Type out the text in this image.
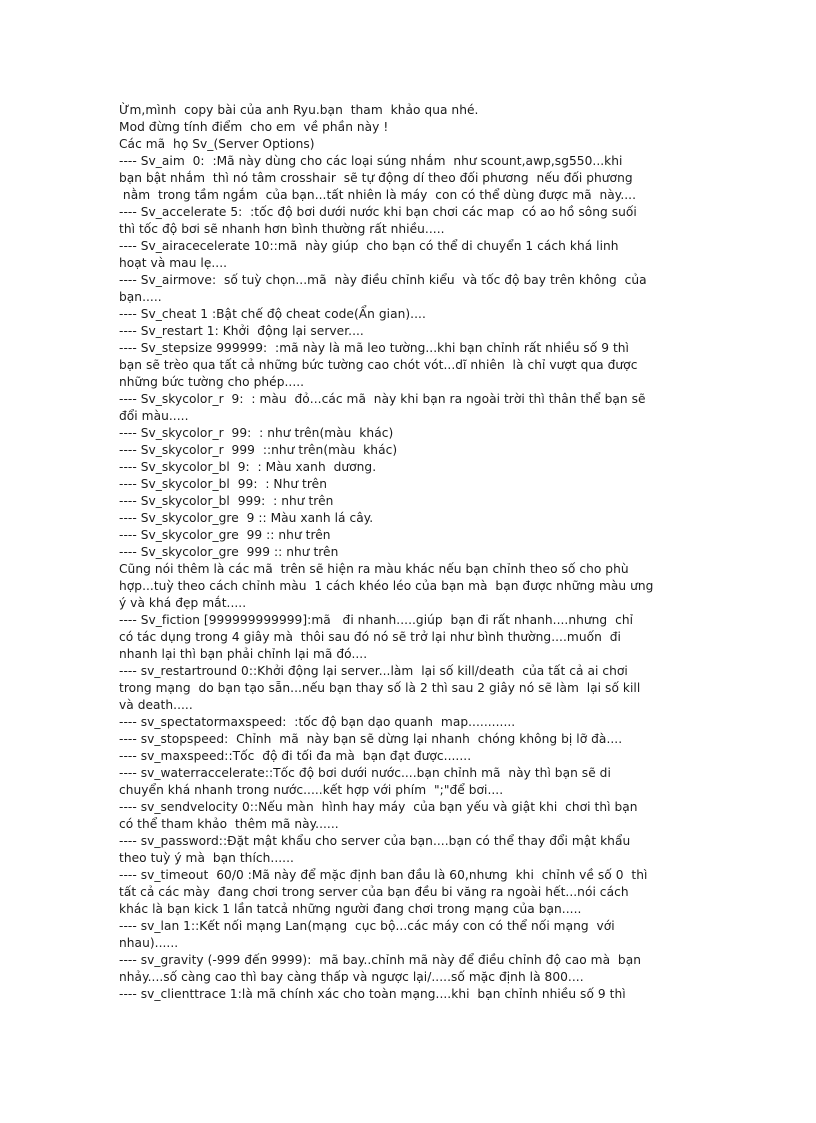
Ừm,mình  copy bài của anh Ryu.bạn  tham  khảo qua nhé.
Mod đừng tính điểm  cho em  về phần này !
Các mã  họ Sv_(Server Options)
---- Sv_aim  0:  :Mã này dùng cho các loại súng nhắm  như scount,awp,sg550...khi
bạn bật nhắm  thì nó tâm crosshair  sẽ tự động dí theo đối phương  nếu đối phương
nằm  trong tầm ngắm  của bạn...tất nhiên là máy  con có thể dùng được mã  này....
---- Sv_accelerate 5:  :tốc độ bơi dưới nước khi bạn chơi các map  có ao hồ sông suối
thì tốc độ bơi sẽ nhanh hơn bình thường rất nhiều.....
---- Sv_airacecelerate 10::mã  này giúp  cho bạn có thể di chuyển 1 cách khá linh
hoạt và mau lẹ....
---- Sv_airmove:  số tuỳ chọn...mã  này điều chỉnh kiểu  và tốc độ bay trên không  của
bạn.....
---- Sv_cheat 1 :Bật chế độ cheat code(Ẩn gian)....
---- Sv_restart 1: Khởi  động lại server....
---- Sv_stepsize 999999:  :mã này là mã leo tường...khi bạn chỉnh rất nhiều số 9 thì
bạn sẽ trèo qua tất cả những bức tường cao chót vót...dĩ nhiên  là chỉ vượt qua được
những bức tường cho phép.....
---- Sv_skycolor_r  9:  : màu  đỏ...các mã  này khi bạn ra ngoài trời thì thân thể bạn sẽ
đổi màu.....
---- Sv_skycolor_r  99:  : như trên(màu  khác)
---- Sv_skycolor_r  999  ::như trên(màu  khác)
---- Sv_skycolor_bl  9:  : Màu xanh  dương.
---- Sv_skycolor_bl  99:  : Như trên
---- Sv_skycolor_bl  999:  : như trên
---- Sv_skycolor_gre  9 :: Màu xanh lá cây.
---- Sv_skycolor_gre  99 :: như trên
---- Sv_skycolor_gre  999 :: như trên
Cũng nói thêm là các mã  trên sẽ hiện ra màu khác nếu bạn chỉnh theo số cho phù
hợp...tuỳ theo cách chỉnh màu  1 cách khéo léo của bạn mà  bạn được những màu ưng
ý và khá đẹp mắt.....
---- Sv_fiction [999999999999]:mã   đi nhanh.....giúp  bạn đi rất nhanh....nhưng  chỉ
có tác dụng trong 4 giây mà  thôi sau đó nó sẽ trở lại như bình thường....muốn  đi
nhanh lại thì bạn phải chỉnh lại mã đó....
---- sv_restartround 0::Khởi động lại server...làm  lại số kill/death  của tất cả ai chơi
trong mạng  do bạn tạo sẵn...nếu bạn thay số là 2 thì sau 2 giây nó sẽ làm  lại số kill
và death.....
---- sv_spectatormaxspeed:  :tốc độ bạn dạo quanh  map............
---- sv_stopspeed:  Chỉnh  mã  này bạn sẽ dừng lại nhanh  chóng không bị lỡ đà....
---- sv_maxspeed::Tốc  độ đi tối đa mà  bạn đạt được.......
---- sv_waterraccelerate::Tốc độ bơi dưới nước....bạn chỉnh mã  này thì bạn sẽ di
chuyển khá nhanh trong nước.....kết hợp với phím  ";"để bơi....
---- sv_sendvelocity 0::Nếu màn  hình hay máy  của bạn yếu và giật khi  chơi thì bạn
có thể tham khảo  thêm mã này......
---- sv_password::Đặt mật khẩu cho server của bạn....bạn có thể thay đổi mật khẩu
theo tuỳ ý mà  bạn thích......
---- sv_timeout  60/0 :Mã này để mặc định ban đầu là 60,nhưng  khi  chỉnh về số 0  thì
tất cả các mày  đang chơi trong server của bạn đều bi văng ra ngoài hết...nói cách
khác là bạn kick 1 lần tatcả những người đang chơi trong mạng của bạn.....
---- sv_lan 1::Kết nối mạng Lan(mạng  cục bộ...các máy con có thể nối mạng  với
nhau)......
---- sv_gravity (-999 đến 9999):  mã bay..chỉnh mã này để điều chỉnh độ cao mà  bạn
nhảy....số càng cao thì bay càng thấp và ngược lại/.....số mặc định là 800....
---- sv_clienttrace 1:là mã chính xác cho toàn mạng....khi  bạn chỉnh nhiều số 9 thì
